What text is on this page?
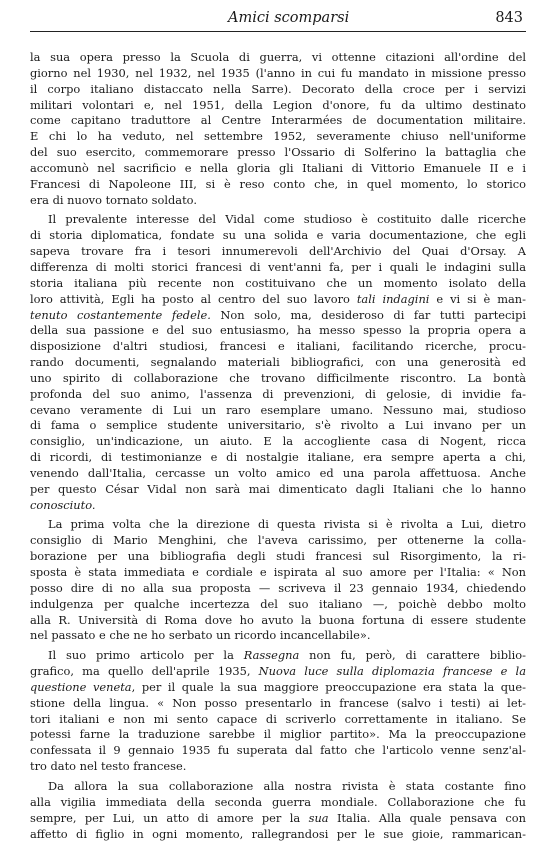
Amici scomparsi	843
la sua opera presso la Scuola di guerra, vi ottenne citazioni all'ordine del
giorno nel 1930, nel 1932, nel 1935 (l'anno in cui fu mandato in missione presso
il corpo italiano distaccato nella Sarre). Decorato della croce per i servizi
militari volontari e, nel 1951, della Legion d'onore, fu da ultimo destinato
come capitano traduttore al Centre Interarmées de documentation militaire.
E chi lo ha veduto, nel settembre 1952, severamente chiuso nell'uniforme
del suo esercito, commemorare presso l'Ossario di Solferino la battaglia che
accomunò nel sacrificio e nella gloria gli Italiani di Vittorio Emanuele II e i
Francesi di Napoleone III, si è reso conto che, in quel momento, lo storico
era di nuovo tornato soldato.
Il prevalente interesse del Vidal come studioso è costituito dalle ricerche
di storia diplomatica, fondate su una solida e varia documentazione, che egli
sapeva trovare fra i tesori innumerevoli dell'Archivio del Quai d'Orsay. A
differenza di molti storici francesi di vent'anni fa, per i quali le indagini sulla
storia italiana più recente non costituivano che un momento isolato della
loro attività, Egli ha posto al centro del suo lavoro tali indagini e vi si è man-
tenuto costantemente fedele. Non solo, ma, desideroso di far tutti partecipi
della sua passione e del suo entusiasmo, ha messo spesso la propria opera a
disposizione d'altri studiosi, francesi e italiani, facilitando ricerche, procu-
rando documenti, segnalando materiali bibliografici, con una generosità ed
uno spirito di collaborazione che trovano difficilmente riscontro. La bontà
profonda del suo animo, l'assenza di prevenzioni, di gelosie, di invidie fa-
cevano veramente di Lui un raro esemplare umano. Nessuno mai, studioso
di fama o semplice studente universitario, s'è rivolto a Lui invano per un
consiglio, un'indicazione, un aiuto. E la accogliente casa di Nogent, ricca
di ricordi, di testimonianze e di nostalgie italiane, era sempre aperta a chi,
venendo dall'Italia, cercasse un volto amico ed una parola affettuosa. Anche
per questo César Vidal non sarà mai dimenticato dagli Italiani che lo hanno
conosciuto.
La prima volta che la direzione di questa rivista si è rivolta a Lui, dietro
consiglio di Mario Menghini, che l'aveva carissimo, per ottenerne la colla-
borazione per una bibliografia degli studi francesi sul Risorgimento, la ri-
sposta è stata immediata e cordiale e ispirata al suo amore per l'Italia: « Non
posso dire di no alla sua proposta — scriveva il 23 gennaio 1934, chiedendo
indulgenza per qualche incertezza del suo italiano —, poichè debbo molto
alla R. Università di Roma dove ho avuto la buona fortuna di essere studente
nel passato e che ne ho serbato un ricordo incancellabile».
Il suo primo articolo per la Rassegna non fu, però, di carattere biblio-
grafico, ma quello dell'aprile 1935, Nuova luce sulla diplomazia francese e la
questione veneta, per il quale la sua maggiore preoccupazione era stata la que-
stione della lingua. « Non posso presentarlo in francese (salvo i testi) ai let-
tori italiani e non mi sento capace di scriverlo correttamente in italiano. Se
potessi farne la traduzione sarebbe il miglior partito». Ma la preoccupazione
confessata il 9 gennaio 1935 fu superata dal fatto che l'articolo venne senz'al-
tro dato nel testo francese.
Da allora la sua collaborazione alla nostra rivista è stata costante fino
alla vigilia immediata della seconda guerra mondiale. Collaborazione che fu
sempre, per Lui, un atto di amore per la sua Italia. Alla quale pensava con
affetto di figlio in ogni momento, rallegrandosi per le sue gioie, rammarican-
